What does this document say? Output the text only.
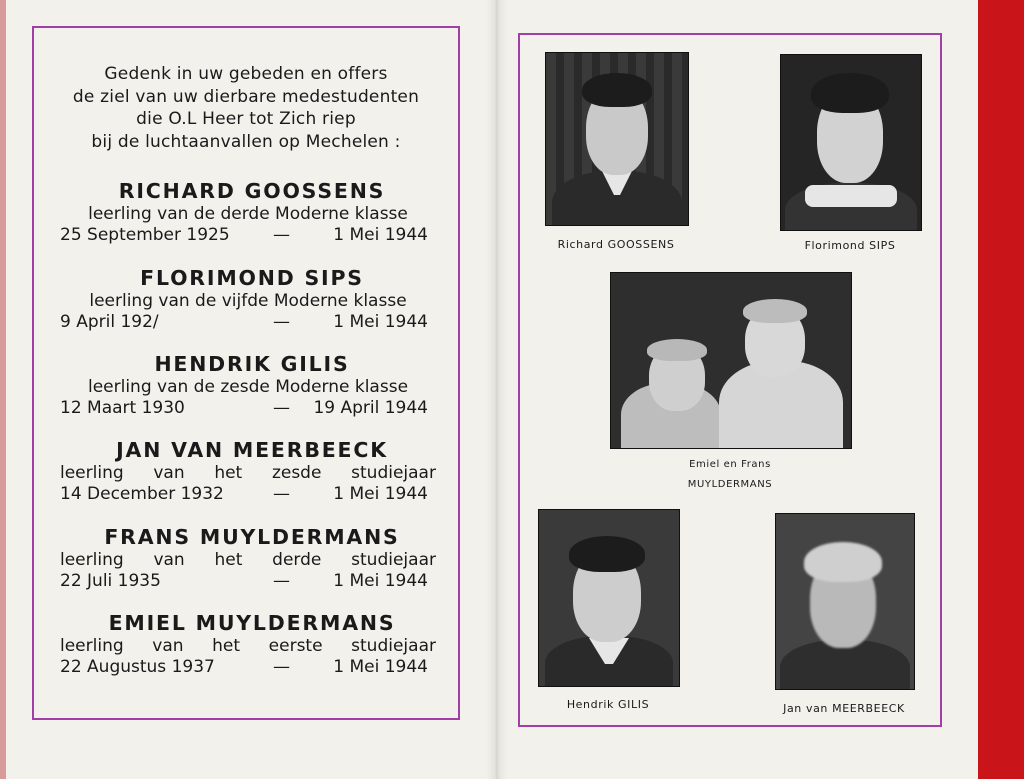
Gedenk in uw gebeden en offers
de ziel van uw dierbare medestudenten
die O.L Heer tot Zich riep
bij de luchtaanvallen op Mechelen :
RICHARD GOOSSENS
leerling van de derde Moderne klasse
25 September 1925	—	1 Mei 1944
FLORIMOND SIPS
leerling van de vijfde Moderne klasse
9 April 192/	—	1 Mei 1944
HENDRIK GILIS
leerling van de zesde Moderne klasse
12 Maart 1930	— 19 April 1944
JAN VAN MEERBEECK
leerling van het zesde studiejaar
14 December 1932	—	1 Mei 1944
FRANS MUYLDERMANS
leerling van het derde studiejaar
22 Juli 1935	—	1 Mei 1944
EMIEL MUYLDERMANS
leerling van het eerste studiejaar
22 Augustus 1937	—	1 Mei 1944
Richard GOOSSENS	Florimond SIPS
Emiel en Frans
MUYLDERMANS
Hendrik GILIS	Jan van MEERBEECK
